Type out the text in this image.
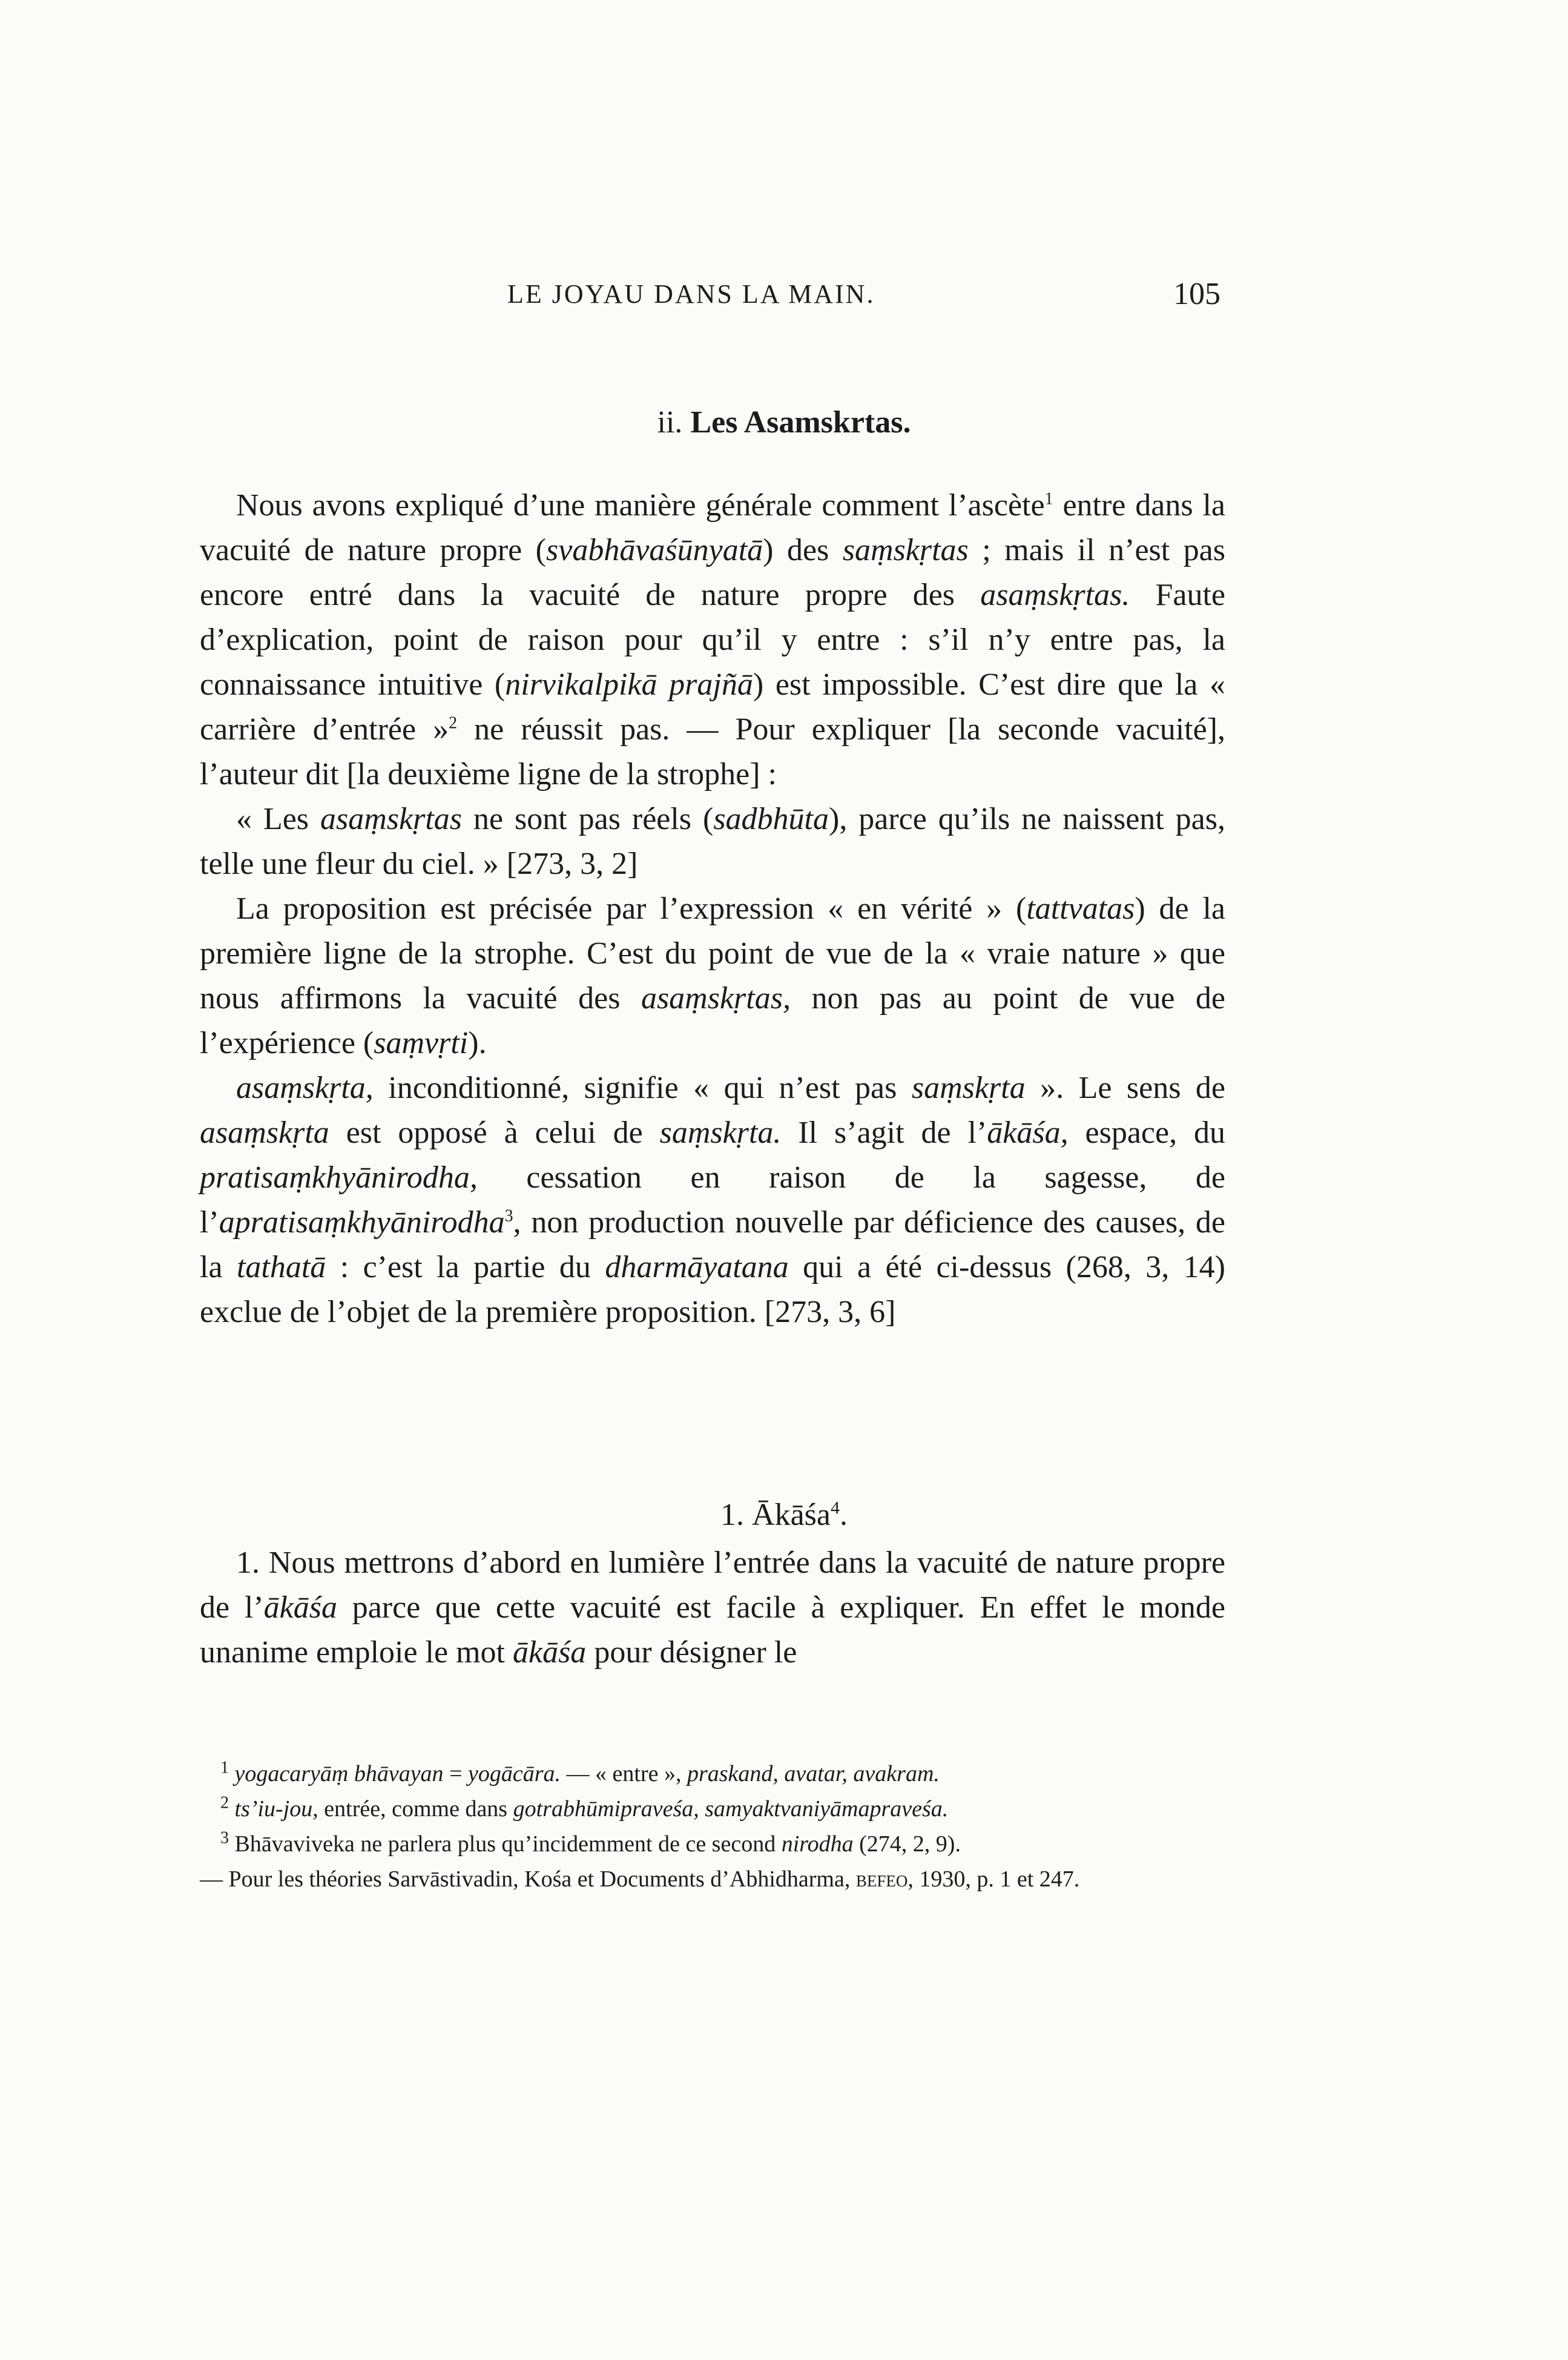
LE JOYAU DANS LA MAIN.	105
ii. Les Asamskrtas.

Nous avons expliqué d’une manière générale comment l’ascète$^1$ entre dans la vacuité de nature propre (svabhāvaśūnyatā) des saṃskṛtas ; mais il n’est pas encore entré dans la vacuité de nature propre des asaṃskṛtas. Faute d’explication, point de raison pour qu’il y entre : s’il n’y entre pas, la connaissance intuitive (nirvikalpikā prajñā) est impossible. C’est dire que la « carrière d’entrée »$^2$ ne réussit pas. — Pour expliquer [la seconde vacuité], l’auteur dit [la deuxième ligne de la strophe] :

« Les asaṃskṛtas ne sont pas réels (sadbhūta), parce qu’ils ne naissent pas, telle une fleur du ciel. » [273, 3, 2]

La proposition est précisée par l’expression « en vérité » (tattvatas) de la première ligne de la strophe. C’est du point de vue de la « vraie nature » que nous affirmons la vacuité des asaṃskṛtas, non pas au point de vue de l’expérience (saṃvṛti).

asaṃskṛta, inconditionné, signifie « qui n’est pas saṃskṛta ». Le sens de asaṃskṛta est opposé à celui de saṃskṛta. Il s’agit de l’ākāśa, espace, du pratisaṃkhyānirodha, cessation en raison de la sagesse, de l’apratisaṃkhyānirodha$^3$, non production nouvelle par déficience des causes, de la tathatā : c’est la partie du dharmāyatana qui a été ci-dessus (268, 3, 14) exclue de l’objet de la première proposition. [273, 3, 6]

1. Ākāśa$^4$.

1. Nous mettrons d’abord en lumière l’entrée dans la vacuité de nature propre de l’ākāśa parce que cette vacuité est facile à expliquer. En effet le monde unanime emploie le mot ākāśa pour désigner le

$^1$ yogacaryāṃ bhāvayan = yogācāra. — « entre », praskand, avatar, avakram.

$^2$ ts’iu-jou, entrée, comme dans gotrabhūmipraveśa, samyaktvaniyāmapraveśa.

$^3$ Bhāvaviveka ne parlera plus qu’incidemment de ce second nirodha (274, 2, 9).

— Pour les théories Sarvāstivadin, Kośa et Documents d’Abhidharma, befeo, 1930, p. 1 et 247.
